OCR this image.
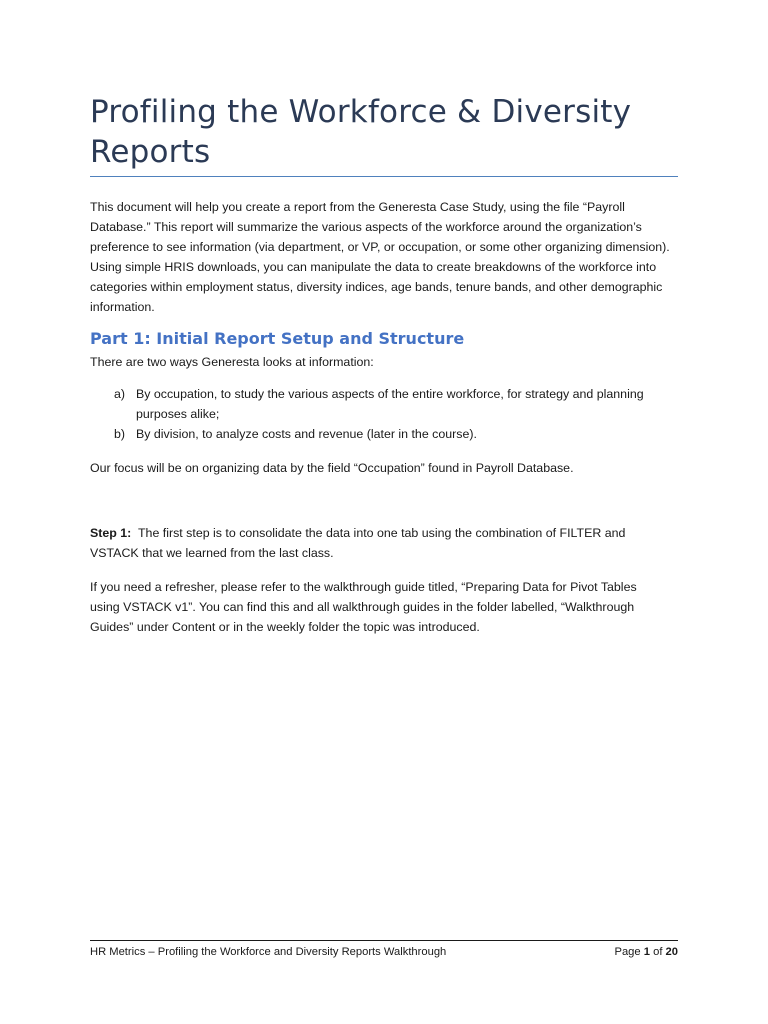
Profiling the Workforce & Diversity Reports

This document will help you create a report from the Generesta Case Study, using the file “Payroll Database.” This report will summarize the various aspects of the workforce around the organization’s preference to see information (via department, or VP, or occupation, or some other organizing dimension). Using simple HRIS downloads, you can manipulate the data to create breakdowns of the workforce into categories within employment status, diversity indices, age bands, tenure bands, and other demographic information.

Part 1: Initial Report Setup and Structure

There are two ways Generesta looks at information:

a) By occupation, to study the various aspects of the entire workforce, for strategy and planning purposes alike;
b) By division, to analyze costs and revenue (later in the course).

Our focus will be on organizing data by the field “Occupation” found in Payroll Database.

Step 1: The first step is to consolidate the data into one tab using the combination of FILTER and VSTACK that we learned from the last class.

If you need a refresher, please refer to the walkthrough guide titled, “Preparing Data for Pivot Tables using VSTACK v1”. You can find this and all walkthrough guides in the folder labelled, “Walkthrough Guides” under Content or in the weekly folder the topic was introduced.

HR Metrics – Profiling the Workforce and Diversity Reports Walkthrough	Page 1 of 20
